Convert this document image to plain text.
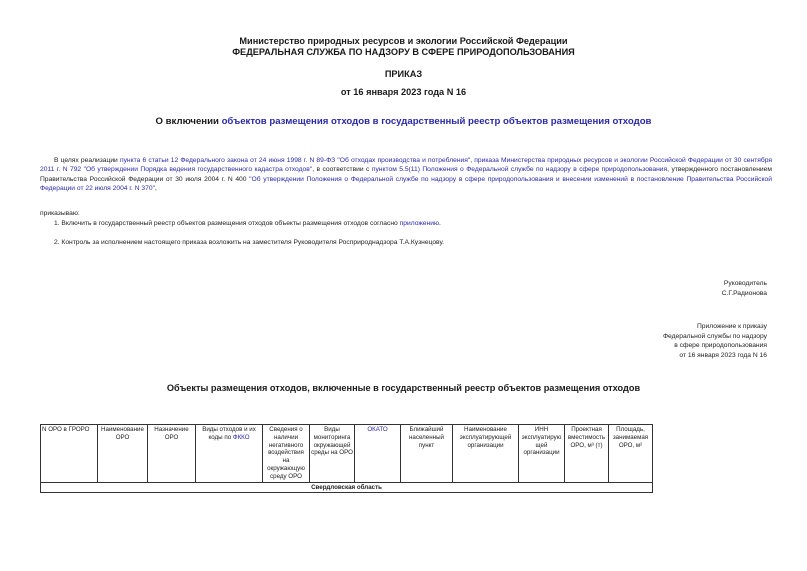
Министерство природных ресурсов и экологии Российской Федерации
ФЕДЕРАЛЬНАЯ СЛУЖБА ПО НАДЗОРУ В СФЕРЕ ПРИРОДОПОЛЬЗОВАНИЯ
ПРИКАЗ
от 16 января 2023 года N 16
О включении объектов размещения отходов в государственный реестр объектов размещения отходов
В целях реализации пункта 6 статьи 12 Федерального закона от 24 июня 1998 г. N 89-ФЗ "Об отходах производства и потребления", приказа Министерства природных ресурсов и экологии Российской Федерации от 30 сентября 2011 г. N 792 "Об утверждении Порядка ведения государственного кадастра отходов", в соответствии с пунктом 5.5(11) Положения о Федеральной службе по надзору в сфере природопользования, утвержденного постановлением Правительства Российской Федерации от 30 июля 2004 г. N 400 "Об утверждении Положения о Федеральной службе по надзору в сфере природопользования и внесении изменений в постановление Правительства Российской Федерации от 22 июля 2004 г. N 370",
приказываю:
1. Включить в государственный реестр объектов размещения отходов объекты размещения отходов согласно приложению.
2. Контроль за исполнением настоящего приказа возложить на заместителя Руководителя Росприроднадзора Т.А.Кузнецову.
Руководитель
С.Г.Радионова
Приложение к приказу
Федеральной службы по надзору
в сфере природопользования
от 16 января 2023 года N 16
Объекты размещения отходов, включенные в государственный реестр объектов размещения отходов
N ОРО в ГРОРО	Наименование ОРО	Назначение ОРО	Виды отходов и их коды по ФККО	Сведения о наличии негативного воздействия на окружающую среду ОРО	Виды мониторинга окружающей среды на ОРО	ОКАТО	Ближайший населенный пункт	Наименование эксплуатирующей организации	ИНН эксплуатирующей организации	Проектная вместимость ОРО, м³ (т)	Площадь, занимаемая ОРО, м²
Свердловская область
